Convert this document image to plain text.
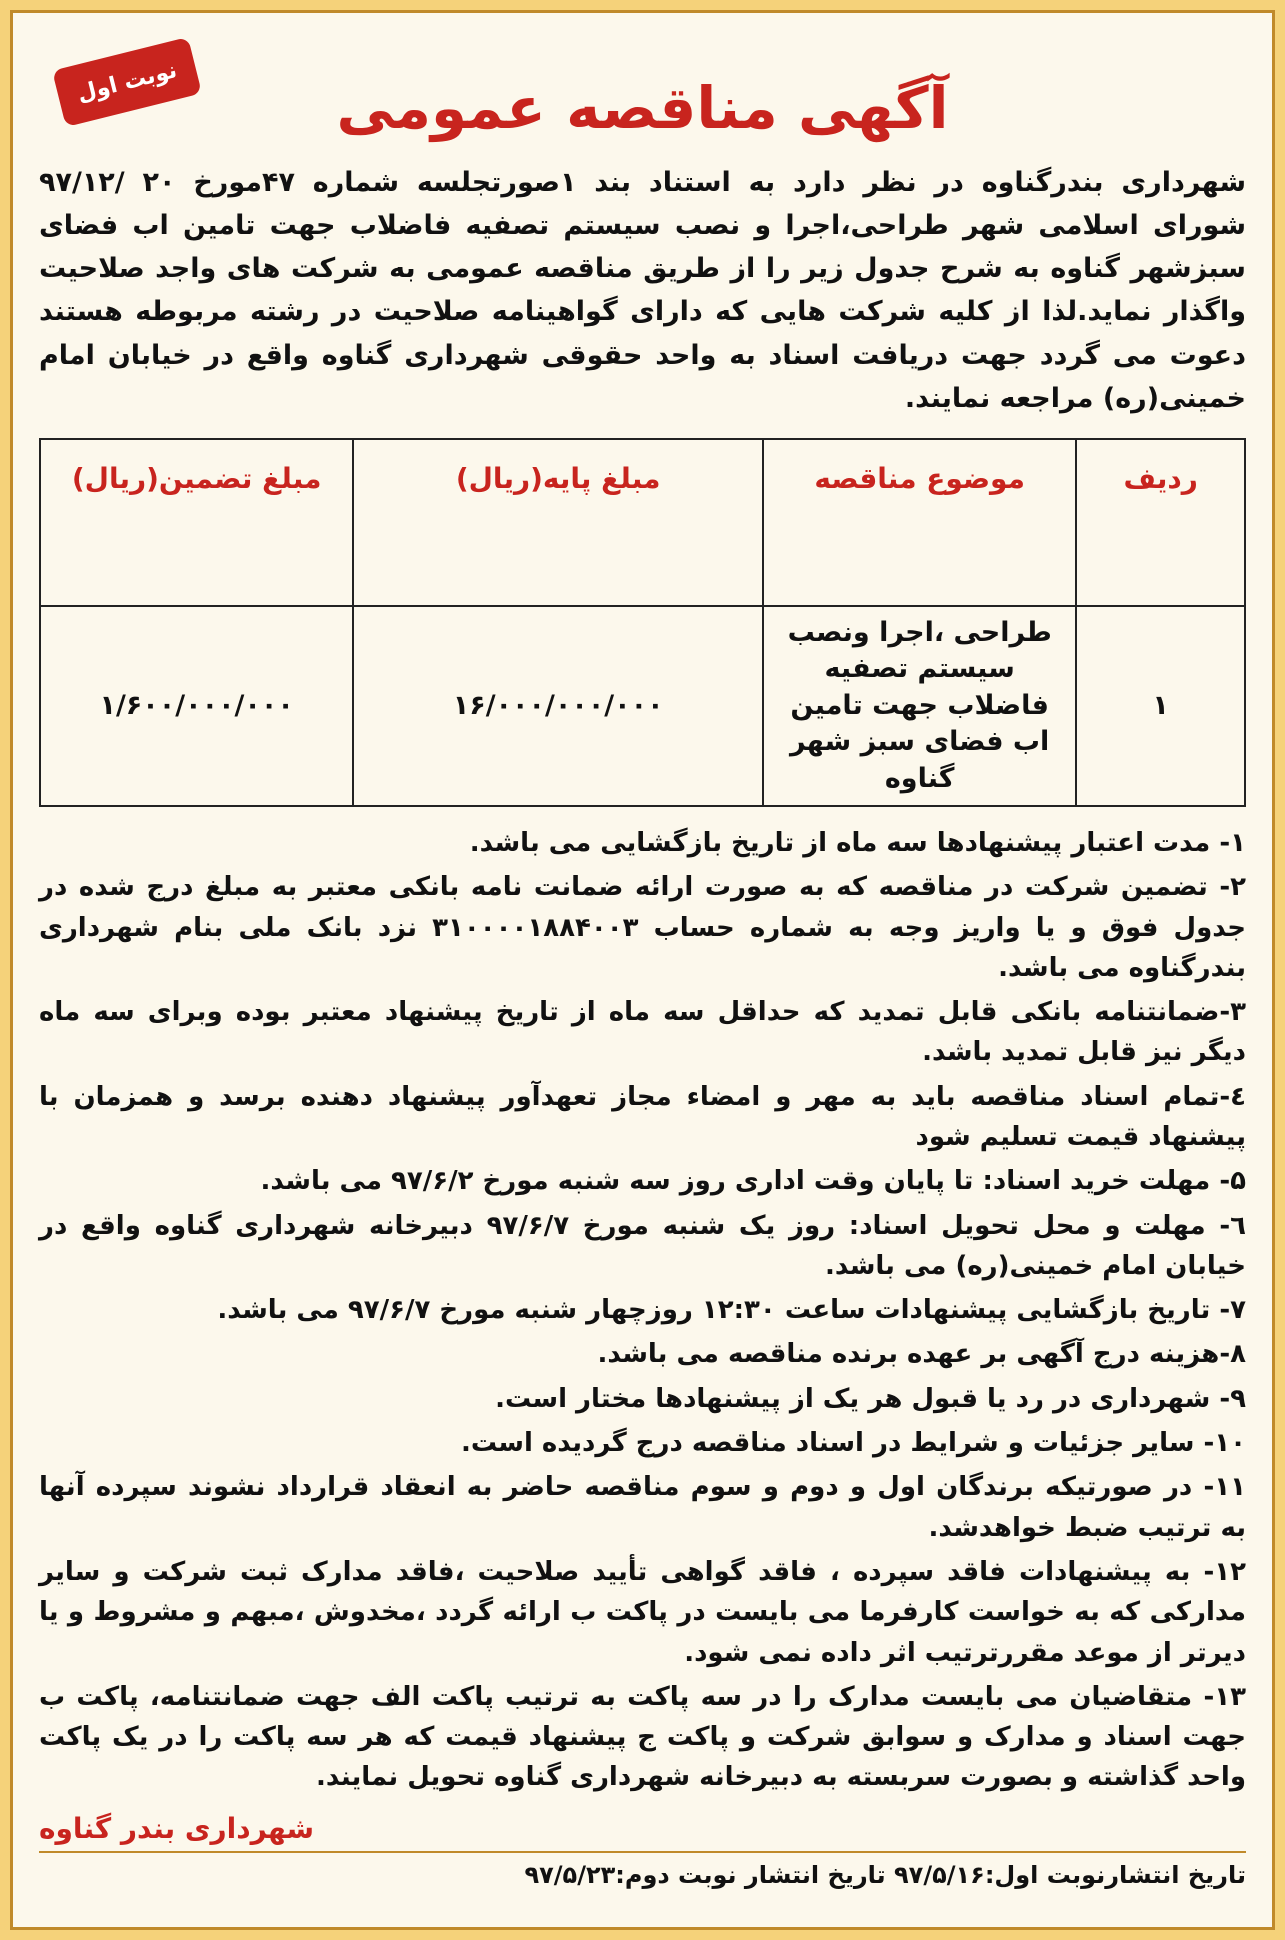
نوبت اول	آگهی مناقصه عمومی

شهرداری بندرگناوه در نظر دارد به استناد بند ۱صورتجلسه شماره ۴۷مورخ ۲۰ /۹۷/۱۲ شورای اسلامی شهر طراحی،اجرا و نصب سیستم تصفیه فاضلاب جهت تامین اب فضای سبزشهر گناوه به شرح جدول زیر را از طریق مناقصه عمومی به شرکت های واجد صلاحیت واگذار نماید.لذا از کلیه شرکت هایی که دارای گواهینامه صلاحیت در رشته مربوطه هستند دعوت می گردد جهت دریافت اسناد به واحد حقوقی شهرداری گناوه واقع در خیابان امام خمینی(ره) مراجعه نمایند.

ردیف	موضوع مناقصه	مبلغ پایه(ریال)	مبلغ تضمین(ریال)
۱	طراحی ،اجرا ونصب سیستم تصفیه فاضلاب جهت تامین اب فضای سبز شهر گناوه	۱۶/۰۰۰/۰۰۰/۰۰۰	۱/۶۰۰/۰۰۰/۰۰۰
۱- مدت اعتبار پیشنهادها سه ماه از تاریخ بازگشایی می باشد.
۲- تضمین شرکت در مناقصه که به صورت ارائه ضمانت نامه بانکی معتبر به مبلغ درج شده در جدول فوق و یا واریز وجه به شماره حساب ۳۱۰۰۰۰۱۸۸۴۰۰۳ نزد بانک ملی بنام شهرداری بندرگناوه می باشد.
۳-ضمانتنامه بانکی قابل تمدید که حداقل سه ماه از تاریخ پیشنهاد معتبر بوده وبرای سه ماه دیگر نیز قابل تمدید باشد.
٤-تمام اسناد مناقصه باید به مهر و امضاء مجاز تعهدآور پیشنهاد دهنده برسد و همزمان با پیشنهاد قیمت تسلیم شود
۵- مهلت خرید اسناد: تا پایان وقت اداری روز سه شنبه مورخ ۹۷/۶/۲ می باشد.
٦- مهلت و محل تحویل اسناد: روز یک شنبه مورخ ۹۷/۶/۷ دبیرخانه شهرداری گناوه واقع در خیابان امام خمینی(ره) می باشد.
۷- تاریخ بازگشایی پیشنهادات ساعت ۱۲:۳۰ روزچهار شنبه مورخ ۹۷/۶/۷ می باشد.
۸-هزینه درج آگهی بر عهده برنده مناقصه می باشد.
۹- شهرداری در رد یا قبول هر یک از پیشنهادها مختار است.
۱۰- سایر جزئیات و شرایط در اسناد مناقصه درج گردیده است.
۱۱- در صورتیکه برندگان اول و دوم و سوم مناقصه حاضر به انعقاد قرارداد نشوند سپرده آنها به ترتیب ضبط خواهدشد.
۱۲- به پیشنهادات فاقد سپرده ، فاقد گواهی تأیید صلاحیت ،فاقد مدارک ثبت شرکت و سایر مدارکی که به خواست کارفرما می بایست در پاکت ب ارائه گردد ،مخدوش ،مبهم و مشروط و یا دیرتر از موعد مقررترتیب اثر داده نمی شود.
۱۳- متقاضیان می بایست مدارک را در سه پاکت به ترتیب پاکت الف جهت ضمانتنامه، پاکت ب جهت اسناد و مدارک و سوابق شرکت و پاکت ج پیشنهاد قیمت که هر سه پاکت را در یک پاکت واحد گذاشته و بصورت سربسته به دبیرخانه شهرداری گناوه تحویل نمایند.
شهرداری بندر گناوه
تاریخ انتشارنوبت اول:۹۷/۵/۱۶ تاریخ انتشار نوبت دوم:۹۷/۵/۲۳
